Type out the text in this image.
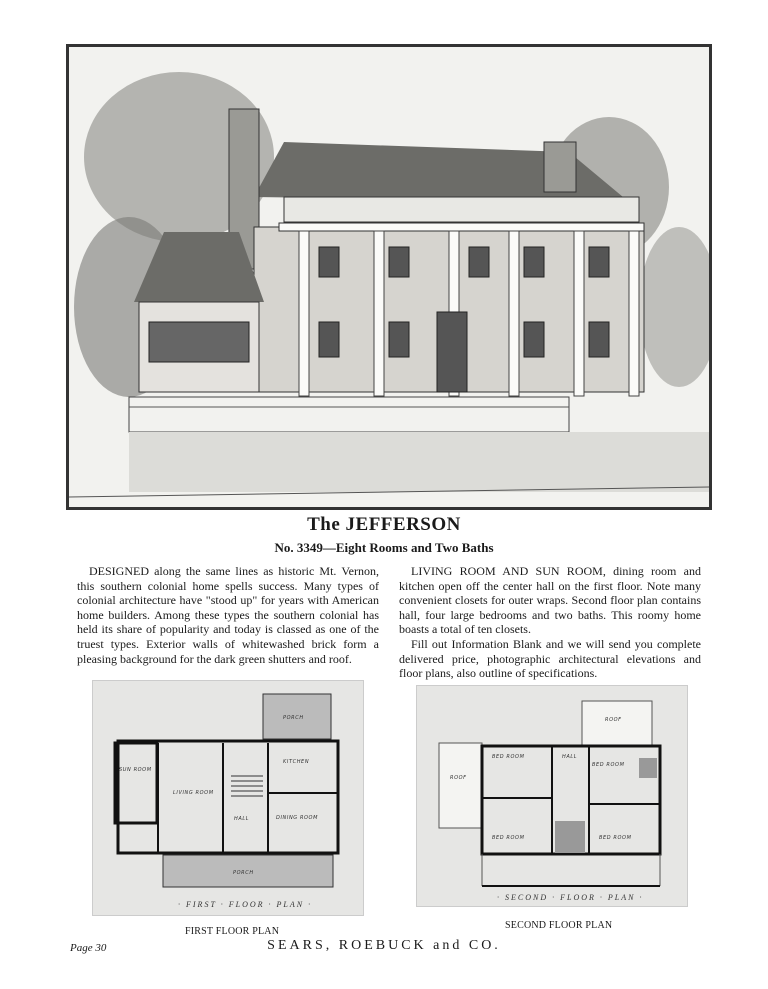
The JEFFERSON
No. 3349—Eight Rooms and Two Baths

DESIGNED along the same lines as historic Mt. Vernon, this southern colonial home spells success. Many types of colonial architecture have "stood up" for years with American home builders. Among these types the southern colonial has held its share of popularity and today is classed as one of the truest types. Exterior walls of whitewashed brick form a pleasing background for the dark green shutters and roof.

LIVING ROOM AND SUN ROOM, dining room and kitchen open off the center hall on the first floor. Note many convenient closets for outer wraps. Second floor plan contains hall, four large bedrooms and two baths. This roomy home boasts a total of ten closets.

Fill out Information Blank and we will send you complete delivered price, photographic architectural elevations and floor plans, also outline of specifications.

SUN ROOM
LIVING ROOM
KITCHEN
DINING ROOM
HALL
PORCH
PORCH
· FIRST · FLOOR · PLAN ·
BED ROOM
BED ROOM
BED ROOM	BED ROOM
HALL
ROOF
ROOF
· SECOND · FLOOR · PLAN ·
FIRST FLOOR PLAN
SECOND FLOOR PLAN
Page 30	SEARS, ROEBUCK and CO.
